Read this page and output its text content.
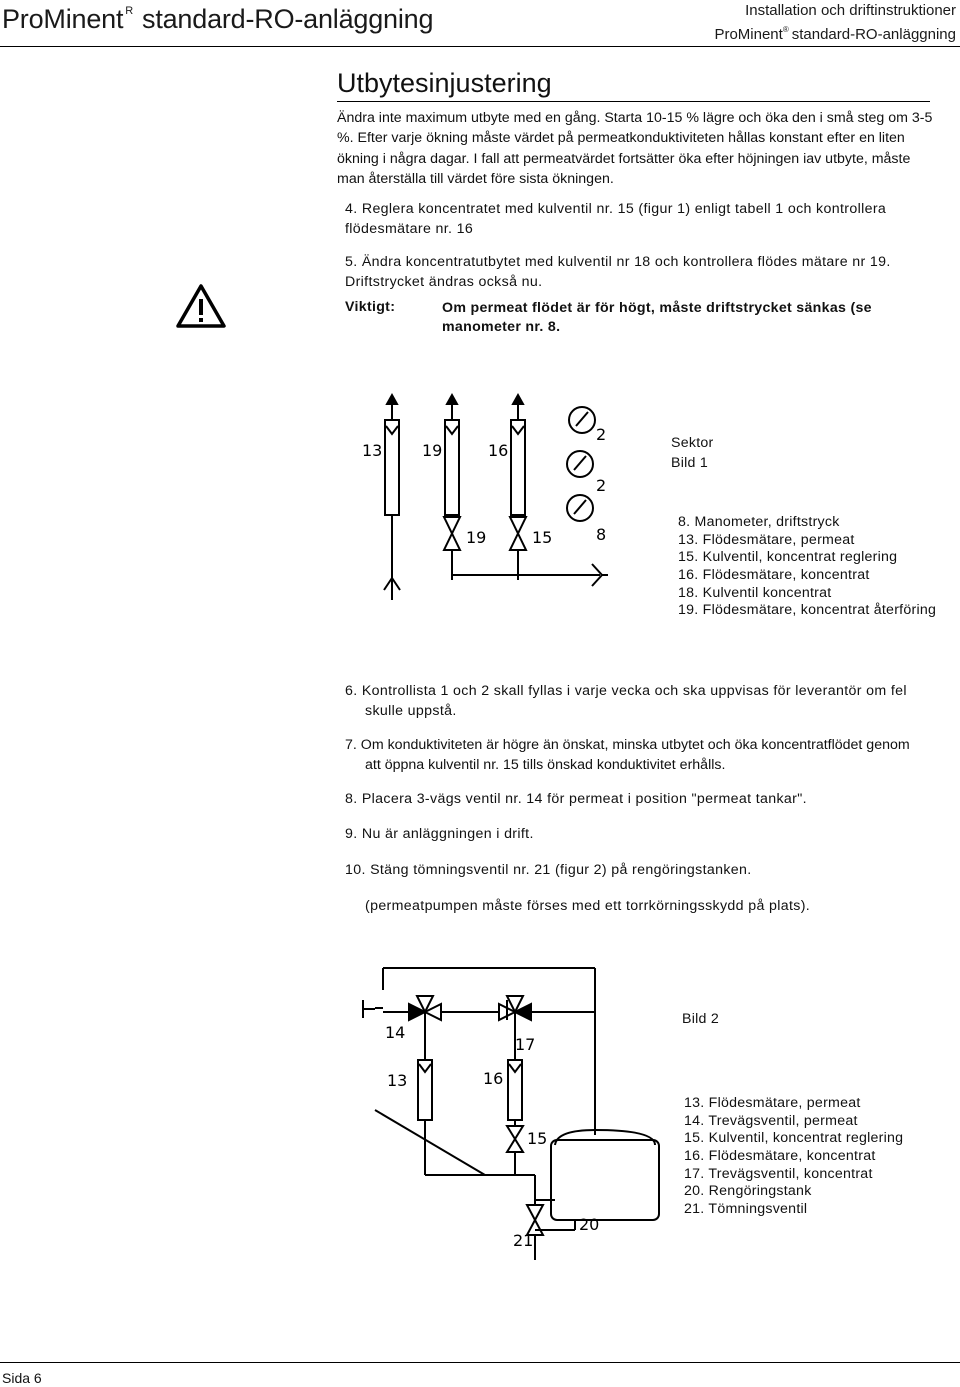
ProMinent $^R$ standard-RO-anläggning	Installation och driftinstruktioner
ProMinent® standard-RO-anläggning
Utbytesinjustering

Ändra inte maximum utbyte med en gång. Starta 10-15 % lägre och öka den i små steg om 3-5 %. Efter varje ökning måste värdet på permeatkonduktiviteten hållas konstant efter en liten ökning i några dagar. I fall att permeatvärdet fortsätter öka efter höjningen iav utbyte, måste man återställa till värdet före sista ökningen.

4. Reglera koncentratet med kulventil nr. 15 (figur 1) enligt tabell 1 och kontrollera
flödesmätare nr. 16
5. Ändra koncentratutbytet med kulventil nr 18 och kontrollera flödes mätare nr 19.
Driftstrycket ändras också nu.
Viktigt:	Om permeat flödet är för högt, måste driftstrycket sänkas (se manometer nr. 8.
13 19	16
19	15
2
2
8
Sektor
Bild 1
8. Manometer, driftstryck
13. Flödesmätare, permeat
15. Kulventil, koncentrat reglering
16. Flödesmätare, koncentrat
18. Kulventil koncentrat
19. Flödesmätare, koncentrat återföring
6. Kontrollista 1 och 2 skall fyllas i varje vecka och ska uppvisas för leverantör om fel
skulle uppstå.
7. Om konduktiviteten är högre än önskat, minska utbytet och öka koncentratflödet genom
att öppna kulventil nr. 15 tills önskad konduktivitet erhålls.
8. Placera 3-vägs ventil nr. 14 för permeat i position "permeat tankar".
9. Nu är anläggningen i drift.
10. Stäng tömningsventil nr. 21 (figur 2) på rengöringstanken.
(permeatpumpen måste förses med ett torrkörningsskydd på plats).
14
17
13	16
15
21
20
Bild 2
13. Flödesmätare, permeat
14. Trevägsventil, permeat
15. Kulventil, koncentrat reglering
16. Flödesmätare, koncentrat
17. Trevägsventil, koncentrat
20. Rengöringstank
21. Tömningsventil
Sida 6
